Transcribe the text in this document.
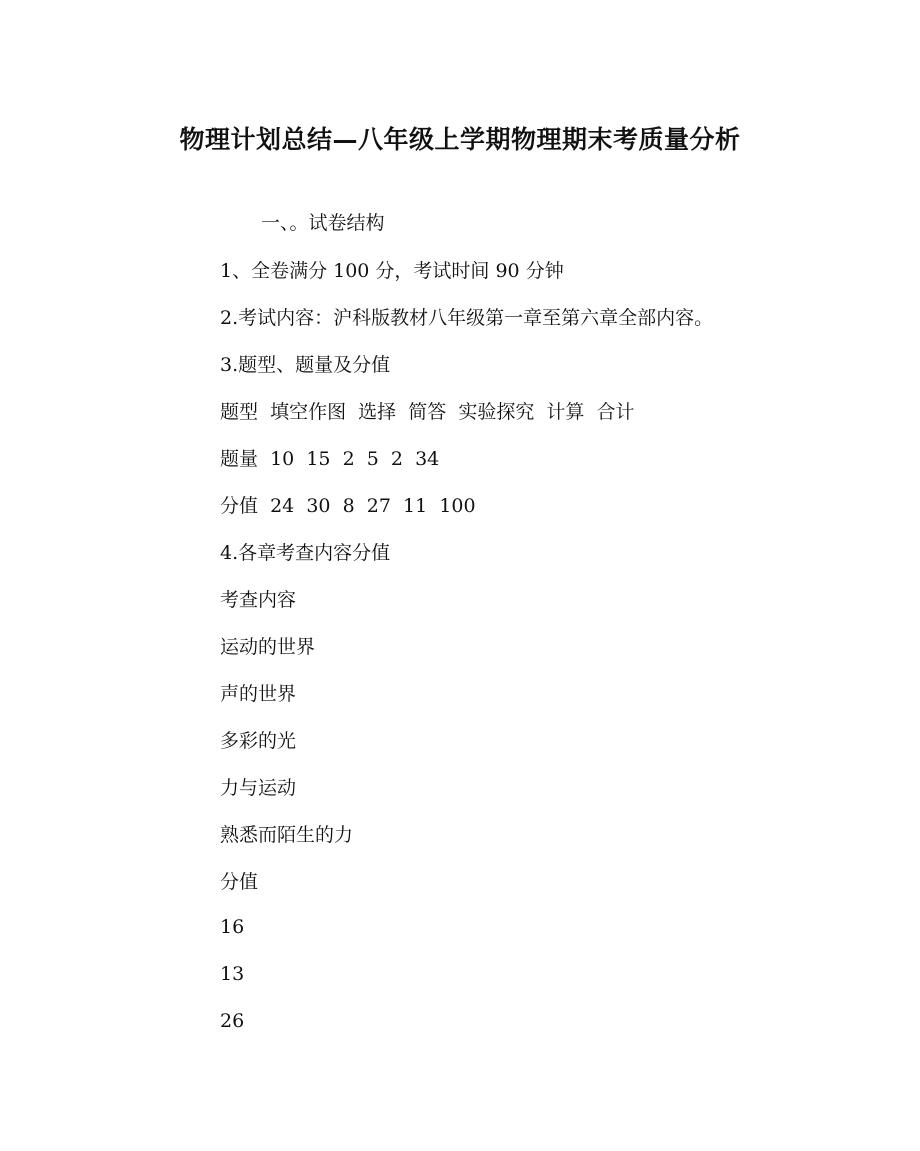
物理计划总结—八年级上学期物理期末考质量分析
一、。试卷结构
1、全卷满分 100 分，考试时间 90 分钟
2.考试内容：沪科版教材八年级第一章至第六章全部内容。
3.题型、题量及分值
题型  填空作图  选择  简答  实验探究  计算  合计
题量  10  15  2  5  2  34
分值  24  30  8  27  11  100
4.各章考查内容分值
考查内容
运动的世界
声的世界
多彩的光
力与运动
熟悉而陌生的力
分值
16
13
26
